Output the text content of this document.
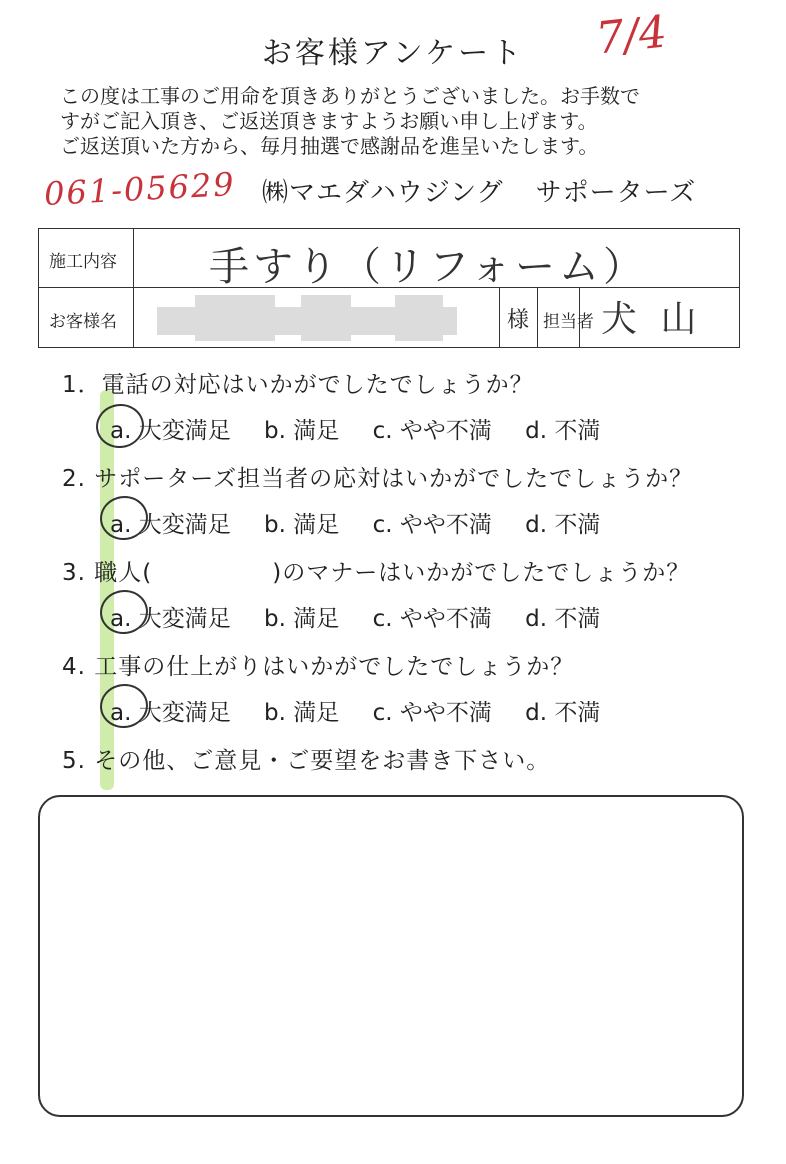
お客様アンケート	7/4
この度は工事のご用命を頂きありがとうございました。お手数で
すがご記入頂き、ご返送頂きますようお願い申し上げます。
ご返送頂いた方から、毎月抽選で感謝品を進呈いたします。
061-05629 ㈱マエダハウジング サポーターズ
施工内容 手すり（リフォーム）
お客様名	様 担当者 犬 山
1．電話の対応はいかがでしたでしょうか？
a. 大変満足 b. 満足 c. やや不満 d. 不満
2. サポーターズ担当者の応対はいかがでしたでしょうか？
a. 大変満足 b. 満足 c. やや不満 d. 不満
3. 職人(　　　　　)のマナーはいかがでしたでしょうか？
a. 大変満足 b. 満足 c. やや不満 d. 不満
4. 工事の仕上がりはいかがでしたでしょうか？
a. 大変満足 b. 満足 c. やや不満 d. 不満
5. その他、ご意見・ご要望をお書き下さい。
